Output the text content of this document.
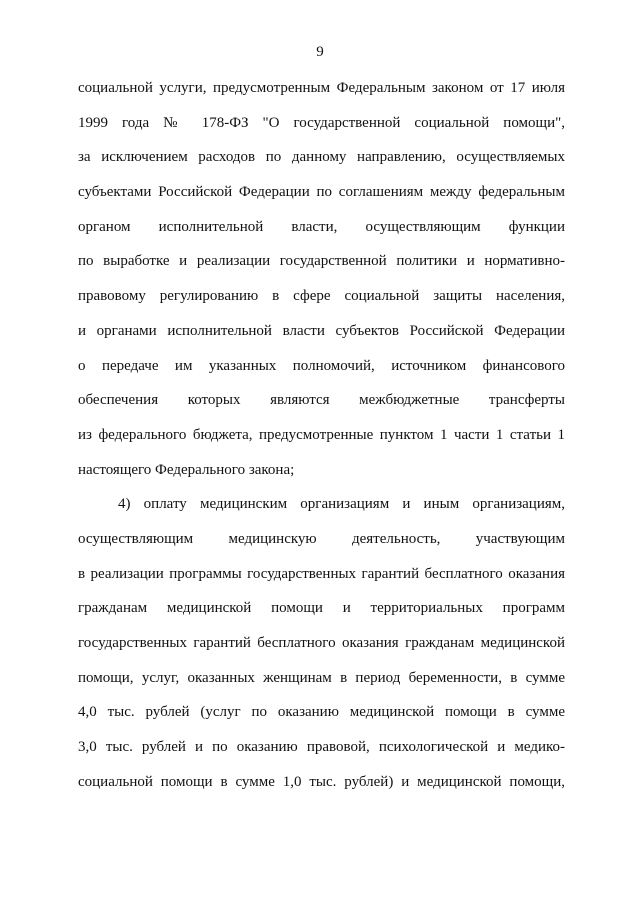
9
социальной услуги, предусмотренным Федеральным законом от 17 июля
1999 года № 178-ФЗ "О государственной социальной помощи",
за исключением расходов по данному направлению, осуществляемых
субъектами Российской Федерации по соглашениям между федеральным
органом исполнительной власти, осуществляющим функции
по выработке и реализации государственной политики и нормативно-
правовому регулированию в сфере социальной защиты населения,
и органами исполнительной власти субъектов Российской Федерации
о передаче им указанных полномочий, источником финансового
обеспечения которых являются межбюджетные трансферты
из федерального бюджета, предусмотренные пунктом 1 части 1 статьи 1
настоящего Федерального закона;
4) оплату медицинским организациям и иным организациям,
осуществляющим медицинскую деятельность, участвующим
в реализации программы государственных гарантий бесплатного оказания
гражданам медицинской помощи и территориальных программ
государственных гарантий бесплатного оказания гражданам медицинской
помощи, услуг, оказанных женщинам в период беременности, в сумме
4,0 тыс. рублей (услуг по оказанию медицинской помощи в сумме
3,0 тыс. рублей и по оказанию правовой, психологической и медико-
социальной помощи в сумме 1,0 тыс. рублей) и медицинской помощи,
